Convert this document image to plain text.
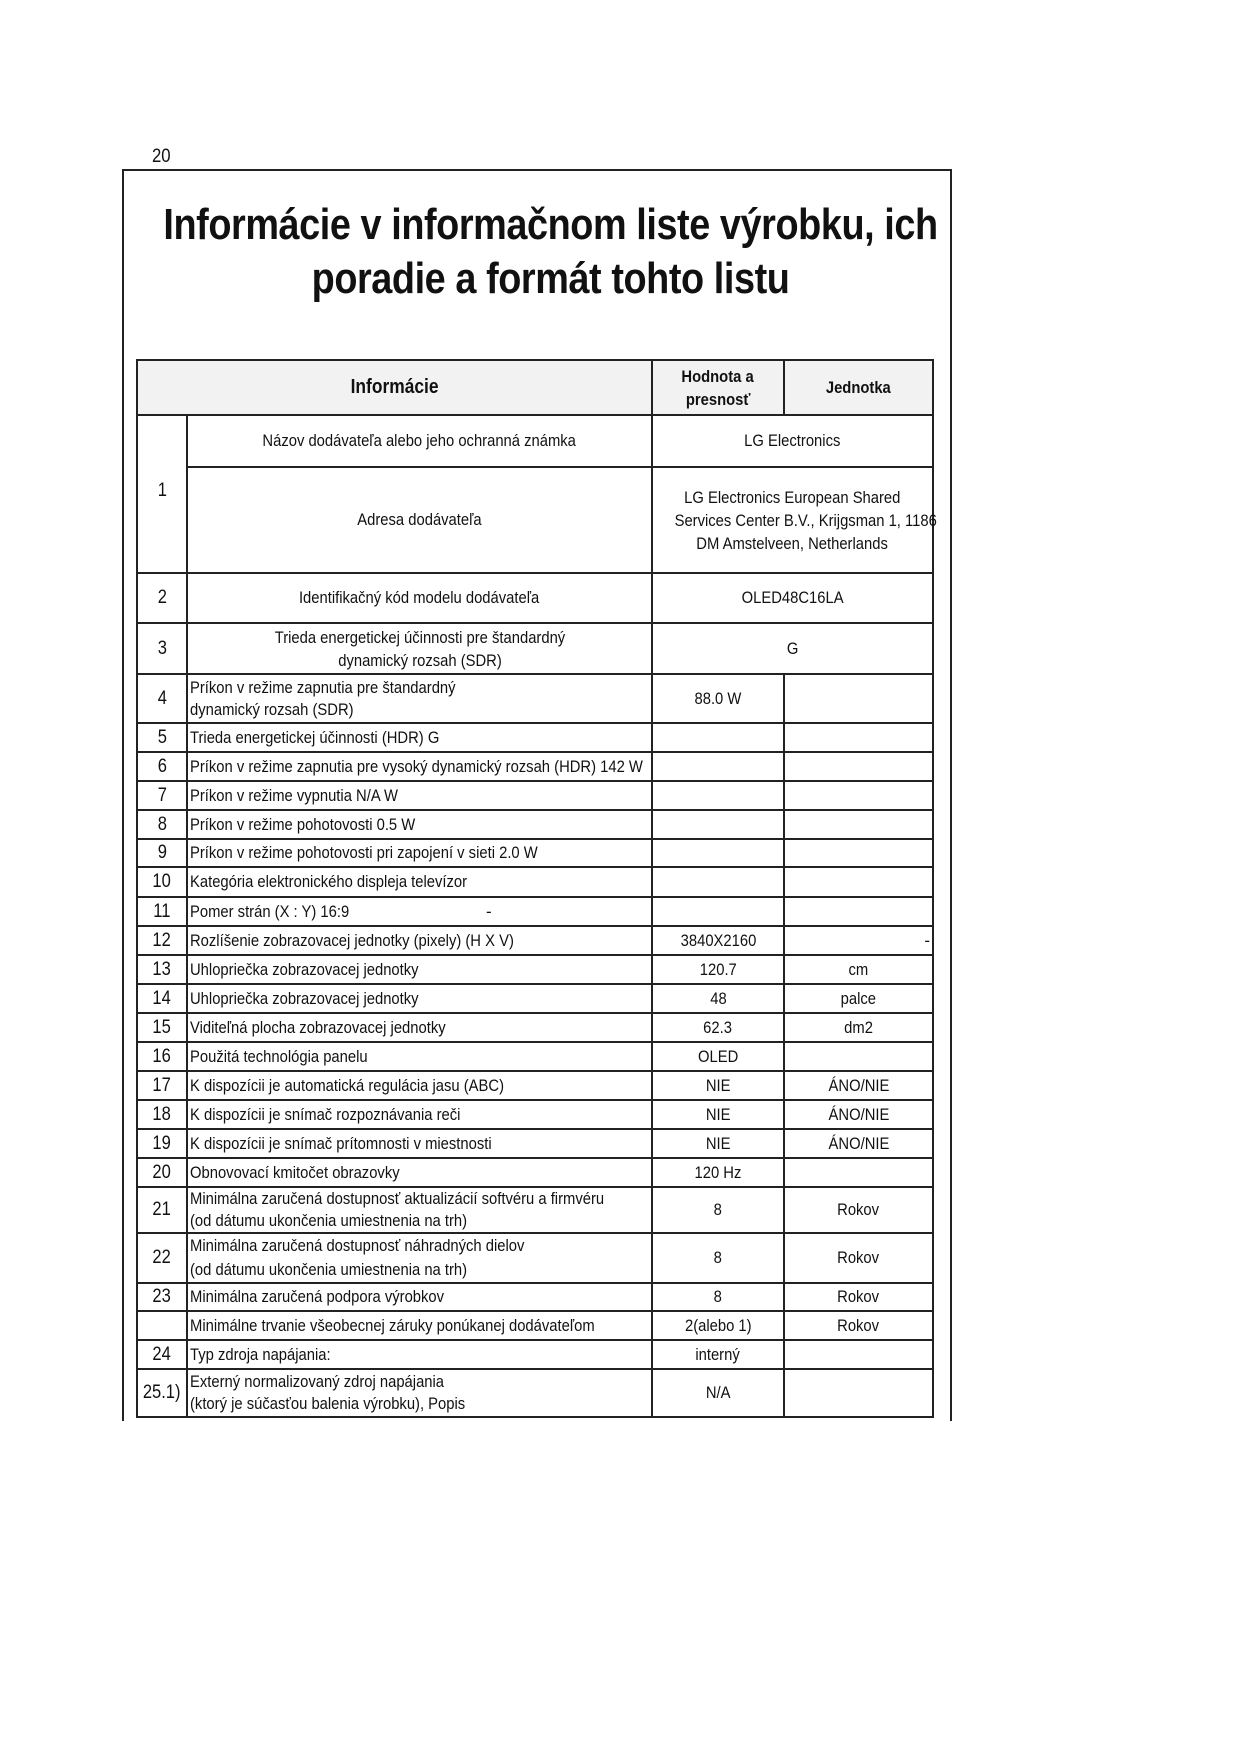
20
Informácie v informačnom liste výrobku, ich
poradie a formát tohto listu
Informácie		Hodnota a
presnosť	Jednotka
1	Názov dodávateľa alebo jeho ochranná známka	LG Electronics	
	Adresa dodávateľa	LG Electronics European Shared
Services Center B.V., Krijgsman 1, 1186
DM Amstelveen, Netherlands	
2	Identifikačný kód modelu dodávateľa	OLED48C16LA	
3	Trieda energetickej účinnosti pre štandardný
dynamický rozsah (SDR)	G	
4	Príkon v režime zapnutia pre štandardný
dynamický rozsah (SDR)	88.0 W	
5	Trieda energetickej účinnosti (HDR) G		
6	Príkon v režime zapnutia pre vysoký dynamický rozsah (HDR) 142 W		
7	Príkon v režime vypnutia N/A W		
8	Príkon v režime pohotovosti 0.5 W		
9	Príkon v režime pohotovosti pri zapojení v sieti 2.0 W		
10	Kategória elektronického displeja televízor		
11	Pomer strán (X : Y) 16:9 -		

12	Rozlíšenie zobrazovacej jednotky (pixely) (H X V)	3840X2160	-
13	Uhlopriečka zobrazovacej jednotky	120.7	cm
14	Uhlopriečka zobrazovacej jednotky	48	palce
15	Viditeľná plocha zobrazovacej jednotky	62.3	dm2
16	Použitá technológia panelu	OLED	
17	K dispozícii je automatická regulácia jasu (ABC)	NIE	ÁNO/NIE
18	K dispozícii je snímač rozpoznávania reči	NIE	ÁNO/NIE
19	K dispozícii je snímač prítomnosti v miestnosti	NIE	ÁNO/NIE
20	Obnovovací kmitočet obrazovky	120 Hz	
21	Minimálna zaručená dostupnosť aktualizácií softvéru a firmvéru
(od dátumu ukončenia umiestnenia na trh)	8	Rokov
22	Minimálna zaručená dostupnosť náhradných dielov
(od dátumu ukončenia umiestnenia na trh)	8	Rokov
23	Minimálna zaručená podpora výrobkov	8	Rokov
	Minimálne trvanie všeobecnej záruky ponúkanej dodávateľom	2(alebo 1)	Rokov
24	Typ zdroja napájania:	interný	
25.1)	Externý normalizovaný zdroj napájania
(ktorý je súčasťou balenia výrobku), Popis	N/A	
